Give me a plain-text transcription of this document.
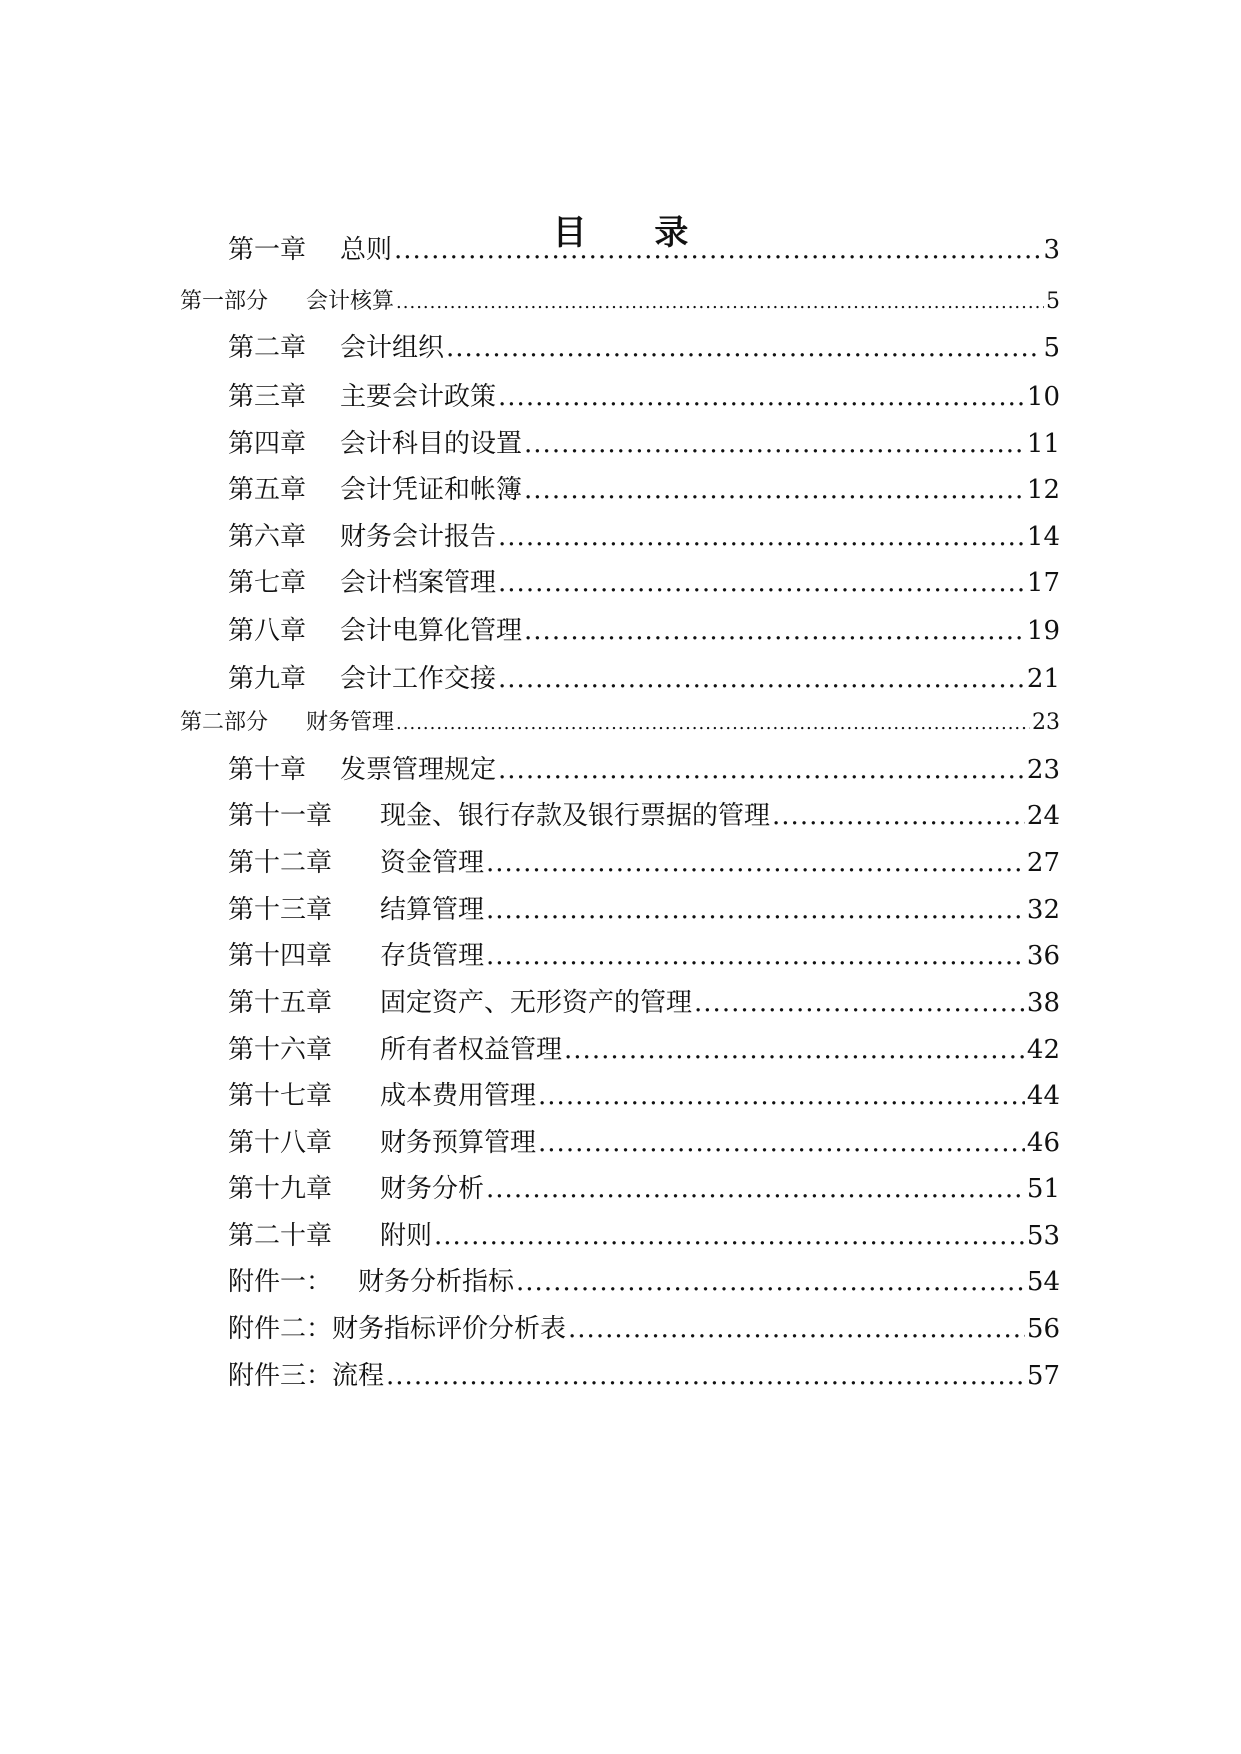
目 录
第一章 总则 .....	3
第一部分 会计核算 .....	5
第二章 会计组织 .....	5
第三章 主要会计政策 .....	10
第四章 会计科目的设置 .....	11
第五章 会计凭证和帐簿 .....	12
第六章 财务会计报告 .....	14
第七章 会计档案管理 .....	17
第八章 会计电算化管理 .....	19
第九章 会计工作交接 .....	21
第二部分 财务管理 .....	23
第十章 发票管理规定 .....	23
第十一章 现金、银行存款及银行票据的管理 .....	24
第十二章 资金管理 .....	27
第十三章 结算管理 .....	32
第十四章 存货管理 .....	36
第十五章 固定资产、无形资产的管理 .....	38
第十六章 所有者权益管理 .....	42
第十七章 成本费用管理 .....	44
第十八章 财务预算管理 .....	46
第十九章 财务分析 .....	51
第二十章 附则 .....	53
附件一： 财务分析指标 .....	54
附件二： 财务指标评价分析表 .....	56
附件三： 流程 .....	57
